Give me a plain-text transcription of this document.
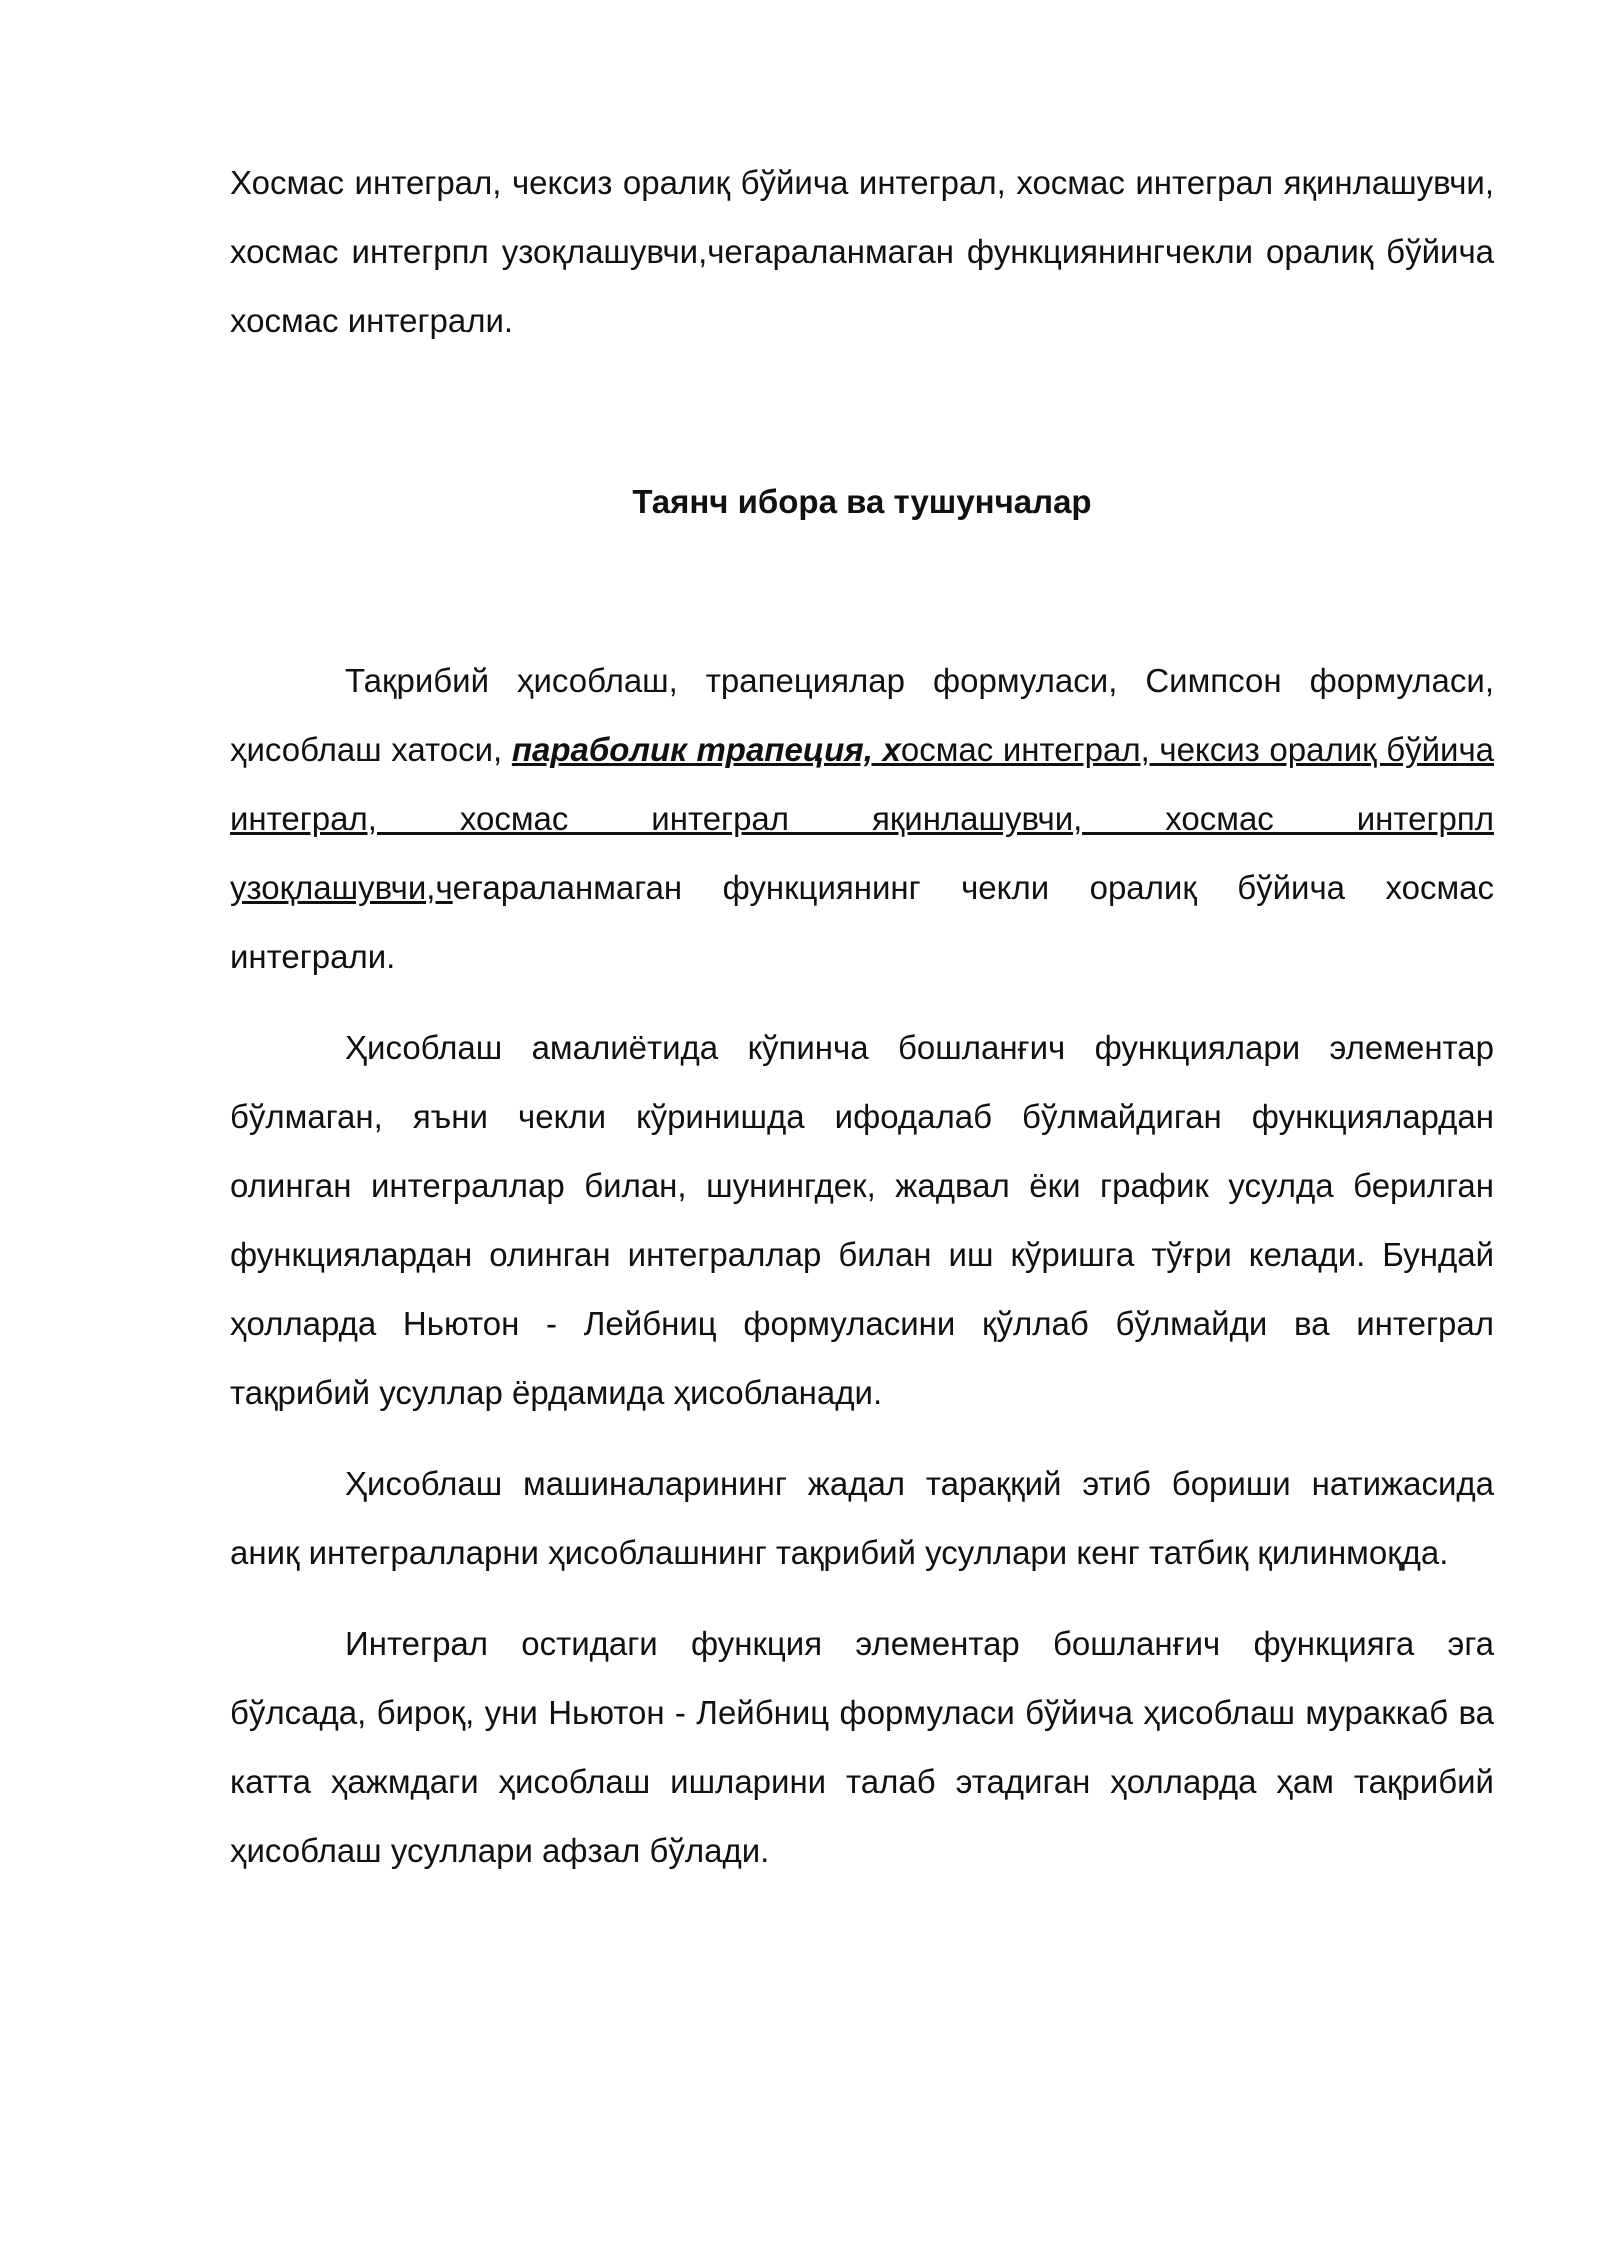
Хосмас интеграл, чексиз оралиқ бўйича интеграл, хосмас интеграл яқинлашувчи, хосмас интегрпл узоқлашувчи,чегараланмаган функциянингчекли оралиқ бўйича хосмас интеграли.

Таянч ибора ва тушунчалар

Тақрибий ҳисоблаш, трапециялар формуласи, Симпсон формуласи, ҳисоблаш хатоси, параболик трапеция, хосмас интеграл, чексиз оралиқ бўйича интеграл, хосмас интеграл яқинлашувчи, хосмас интегрпл узоқлашувчи,чегараланмаган функциянинг чекли оралиқ бўйича хосмас интеграли.

Ҳисоблаш амалиётида кўпинча бошланғич функциялари элементар бўлмаган, яъни чекли кўринишда ифодалаб бўлмайдиган функциялардан олинган интеграллар билан, шунингдек, жадвал ёки график усулда берилган функциялардан олинган интеграллар билан иш кўришга тўғри келади. Бундай ҳолларда Ньютон - Лейбниц формуласини қўллаб бўлмайди ва интеграл тақрибий усуллар ёрдамида ҳисобланади.

Ҳисоблаш машиналарининг жадал тараққий этиб бориши натижасида аниқ интегралларни ҳисоблашнинг тақрибий усуллари кенг татбиқ қилинмоқда.

Интеграл остидаги функция элементар бошланғич функцияга эга бўлсада, бироқ, уни Ньютон - Лейбниц формуласи бўйича ҳисоблаш мураккаб ва катта ҳажмдаги ҳисоблаш ишларини талаб этадиган ҳолларда ҳам тақрибий ҳисоблаш усуллари афзал бўлади.
